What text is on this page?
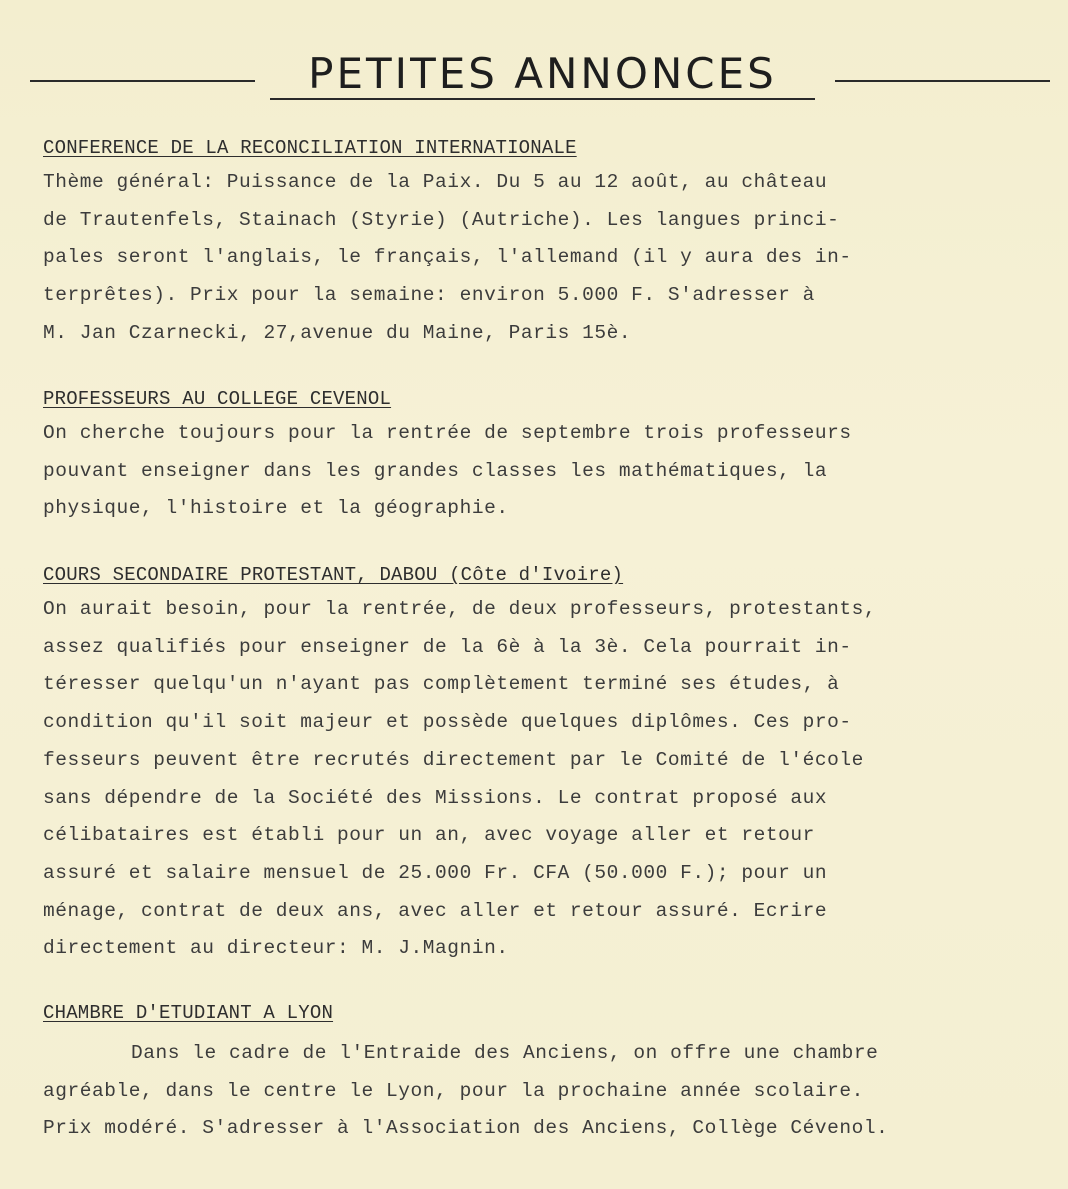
PETITES ANNONCES
CONFERENCE DE LA RECONCILIATION INTERNATIONALE
Thème général: Puissance de la Paix. Du 5 au 12 août, au château
de Trautenfels, Stainach (Styrie) (Autriche). Les langues princi-
pales seront l'anglais, le français, l'allemand (il y aura des in-
terprêtes). Prix pour la semaine: environ 5.000 F. S'adresser à
M. Jan Czarnecki, 27,avenue du Maine, Paris 15è.
PROFESSEURS AU COLLEGE CEVENOL
On cherche toujours pour la rentrée de septembre trois professeurs
pouvant enseigner dans les grandes classes les mathématiques, la
physique, l'histoire et la géographie.
COURS SECONDAIRE PROTESTANT, DABOU (Côte d'Ivoire)
On aurait besoin, pour la rentrée, de deux professeurs, protestants,
assez qualifiés pour enseigner de la 6è à la 3è. Cela pourrait in-
téresser quelqu'un n'ayant pas complètement terminé ses études, à
condition qu'il soit majeur et possède quelques diplômes. Ces pro-
fesseurs peuvent être recrutés directement par le Comité de l'école
sans dépendre de la Société des Missions. Le contrat proposé aux
célibataires est établi pour un an, avec voyage aller et retour
assuré et salaire mensuel de 25.000 Fr. CFA (50.000 F.); pour un
ménage, contrat de deux ans, avec aller et retour assuré. Ecrire
directement au directeur: M. J.Magnin.
CHAMBRE D'ETUDIANT A LYON
Dans le cadre de l'Entraide des Anciens, on offre une chambre
agréable, dans le centre le Lyon, pour la prochaine année scolaire.
Prix modéré. S'adresser à l'Association des Anciens, Collège Cévenol.
